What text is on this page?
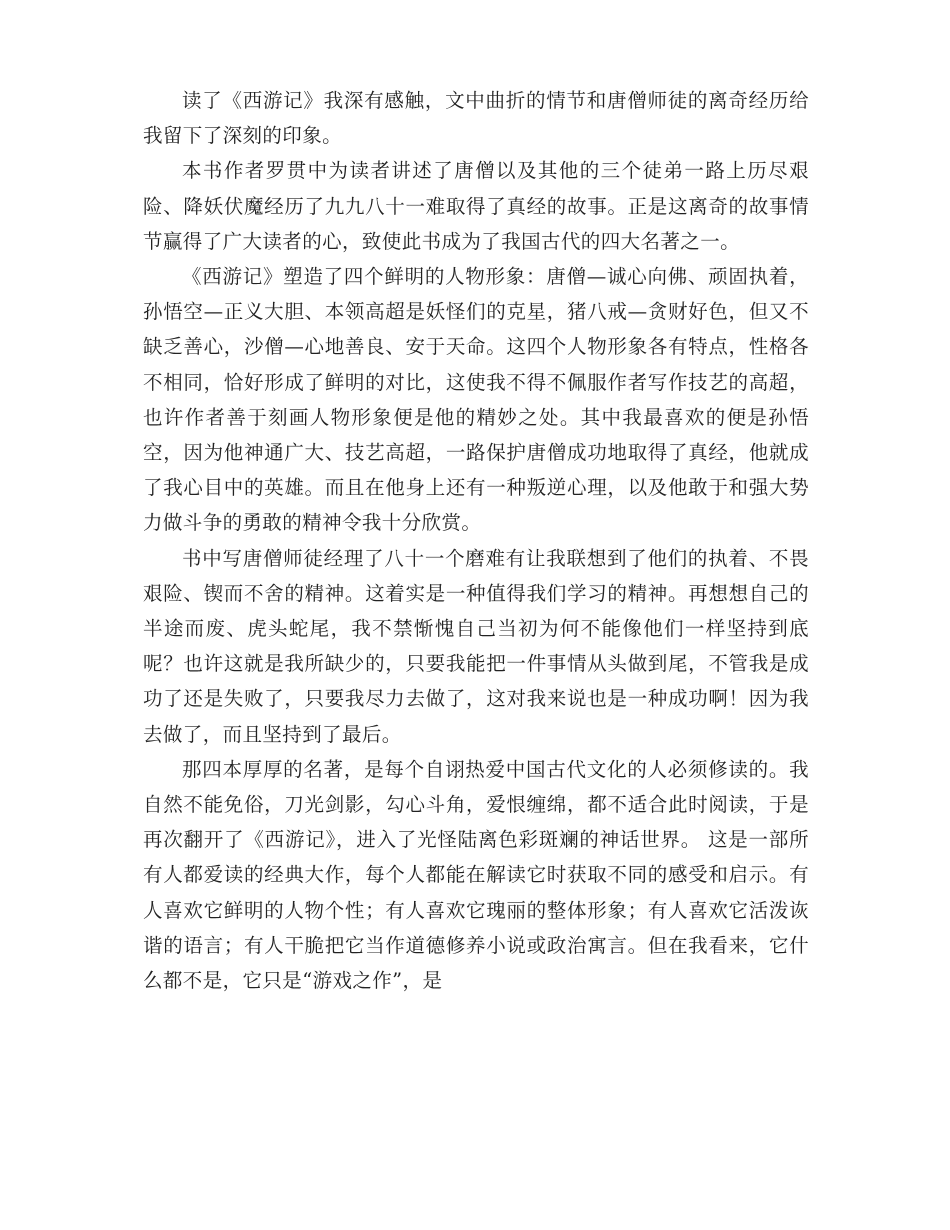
读了《西游记》我深有感触，文中曲折的情节和唐僧师徒的离奇经历给我留下了深刻的印象。

本书作者罗贯中为读者讲述了唐僧以及其他的三个徒弟一路上历尽艰险、降妖伏魔经历了九九八十一难取得了真经的故事。正是这离奇的故事情节赢得了广大读者的心，致使此书成为了我国古代的四大名著之一。

《西游记》塑造了四个鲜明的人物形象：唐僧—诚心向佛、顽固执着，孙悟空—正义大胆、本领高超是妖怪们的克星，猪八戒—贪财好色，但又不缺乏善心，沙僧—心地善良、安于天命。这四个人物形象各有特点，性格各不相同，恰好形成了鲜明的对比，这使我不得不佩服作者写作技艺的高超，也许作者善于刻画人物形象便是他的精妙之处。其中我最喜欢的便是孙悟空，因为他神通广大、技艺高超，一路保护唐僧成功地取得了真经，他就成了我心目中的英雄。而且在他身上还有一种叛逆心理，以及他敢于和强大势力做斗争的勇敢的精神令我十分欣赏。

书中写唐僧师徒经理了八十一个磨难有让我联想到了他们的执着、不畏艰险、锲而不舍的精神。这着实是一种值得我们学习的精神。再想想自己的半途而废、虎头蛇尾，我不禁惭愧自己当初为何不能像他们一样坚持到底呢？也许这就是我所缺少的，只要我能把一件事情从头做到尾，不管我是成功了还是失败了，只要我尽力去做了，这对我来说也是一种成功啊！因为我去做了，而且坚持到了最后。

那四本厚厚的名著，是每个自诩热爱中国古代文化的人必须修读的。我自然不能免俗，刀光剑影，勾心斗角，爱恨缠绵，都不适合此时阅读，于是再次翻开了《西游记》，进入了光怪陆离色彩斑斓的神话世界。 这是一部所有人都爱读的经典大作，每个人都能在解读它时获取不同的感受和启示。有人喜欢它鲜明的人物个性；有人喜欢它瑰丽的整体形象；有人喜欢它活泼诙谐的语言；有人干脆把它当作道德修养小说或政治寓言。但在我看来，它什么都不是，它只是“游戏之作”，是
